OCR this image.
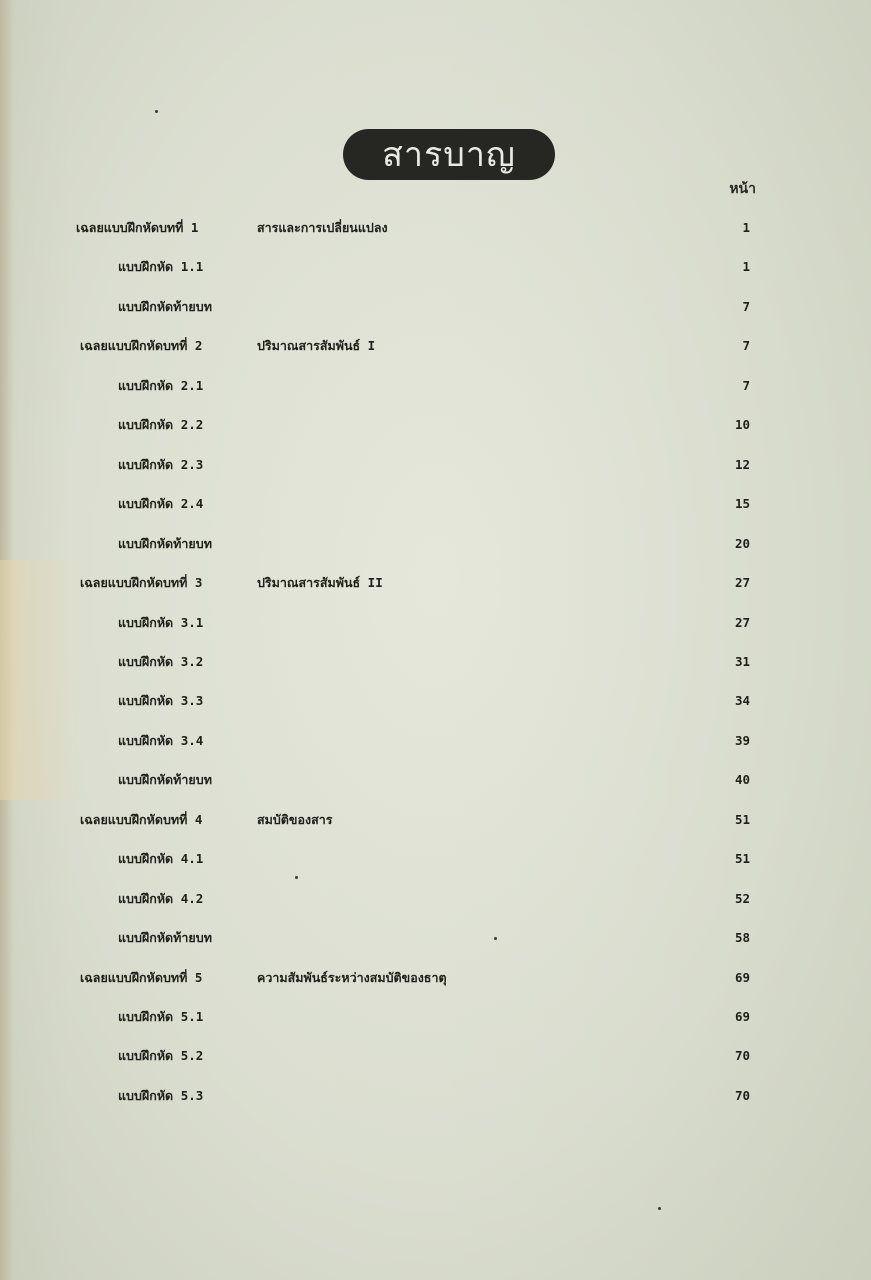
สารบาญ
หน้า
เฉลยแบบฝึกหัดบทที่ 1	สารและการเปลี่ยนแปลง	1
แบบฝึกหัด 1.1	1
แบบฝึกหัดท้ายบท	7
เฉลยแบบฝึกหัดบทที่ 2	ปริมาณสารสัมพันธ์ I	7
แบบฝึกหัด 2.1	7
แบบฝึกหัด 2.2	10
แบบฝึกหัด 2.3	12
แบบฝึกหัด 2.4	15
แบบฝึกหัดท้ายบท	20
เฉลยแบบฝึกหัดบทที่ 3	ปริมาณสารสัมพันธ์ II	27
แบบฝึกหัด 3.1	27
แบบฝึกหัด 3.2	31
แบบฝึกหัด 3.3	34
แบบฝึกหัด 3.4	39
แบบฝึกหัดท้ายบท	40
เฉลยแบบฝึกหัดบทที่ 4	สมบัติของสาร	51
แบบฝึกหัด 4.1	51
แบบฝึกหัด 4.2	52
แบบฝึกหัดท้ายบท	58
เฉลยแบบฝึกหัดบทที่ 5	ความสัมพันธ์ระหว่างสมบัติของธาตุ	69
แบบฝึกหัด 5.1	69
แบบฝึกหัด 5.2	70
แบบฝึกหัด 5.3	70
